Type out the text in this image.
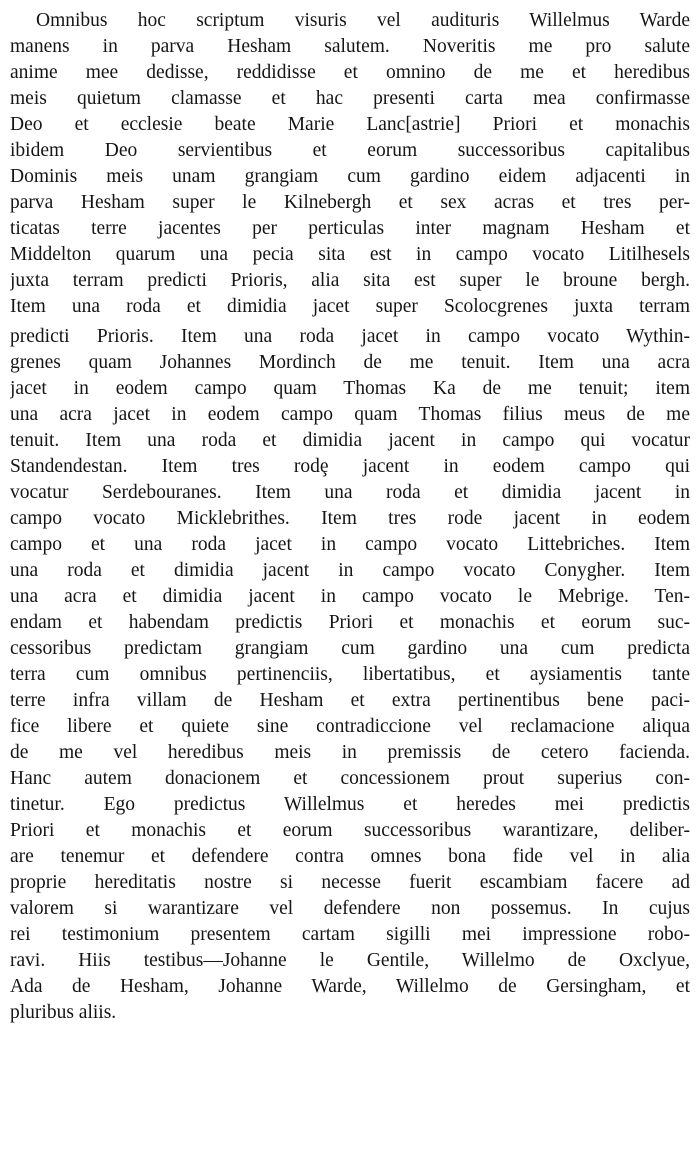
Omnibus hoc scriptum visuris vel audituris Willelmus Warde
manens in parva Hesham salutem. Noveritis me pro salute
anime mee dedisse, reddidisse et omnino de me et heredibus
meis quietum clamasse et hac presenti carta mea confirmasse
Deo et ecclesie beate Marie Lanc[astrie] Priori et monachis
ibidem Deo servientibus et eorum successoribus capitalibus
Dominis meis unam grangiam cum gardino eidem adjacenti in
parva Hesham super le Kilnebergh et sex acras et tres per-
ticatas terre jacentes per perticulas inter magnam Hesham et
Middelton quarum una pecia sita est in campo vocato Litilhesels
juxta terram predicti Prioris, alia sita est super le broune bergh.
Item una roda et dimidia jacet super Scolocgrenes juxta terram
predicti Prioris. Item una roda jacet in campo vocato Wythin-
grenes quam Johannes Mordinch de me tenuit. Item una acra
jacet in eodem campo quam Thomas Ka de me tenuit; item
una acra jacet in eodem campo quam Thomas filius meus de me
tenuit. Item una roda et dimidia jacent in campo qui vocatur
Standendestan. Item tres rodȩ jacent in eodem campo qui
vocatur Serdebouranes. Item una roda et dimidia jacent in
campo vocato Micklebrithes. Item tres rode jacent in eodem
campo et una roda jacet in campo vocato Littebriches. Item
una roda et dimidia jacent in campo vocato Conygher. Item
una acra et dimidia jacent in campo vocato le Mebrige. Ten-
endam et habendam predictis Priori et monachis et eorum suc-
cessoribus predictam grangiam cum gardino una cum predicta
terra cum omnibus pertinenciis, libertatibus, et aysiamentis tante
terre infra villam de Hesham et extra pertinentibus bene paci-
fice libere et quiete sine contradiccione vel reclamacione aliqua
de me vel heredibus meis in premissis de cetero facienda.
Hanc autem donacionem et concessionem prout superius con-
tinetur. Ego predictus Willelmus et heredes mei predictis
Priori et monachis et eorum successoribus warantizare, deliber-
are tenemur et defendere contra omnes bona fide vel in alia
proprie hereditatis nostre si necesse fuerit escambiam facere ad
valorem si warantizare vel defendere non possemus. In cujus
rei testimonium presentem cartam sigilli mei impressione robo-
ravi. Hiis testibus—Johanne le Gentile, Willelmo de Oxclyue,
Ada de Hesham, Johanne Warde, Willelmo de Gersingham, et
pluribus aliis.
